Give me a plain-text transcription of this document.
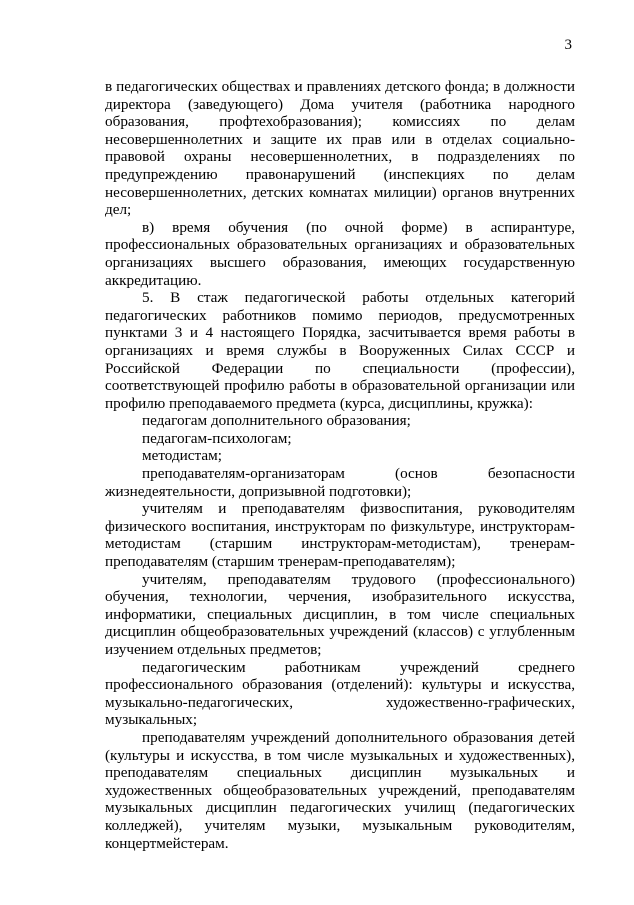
3

в педагогических обществах и правлениях детского фонда; в должности директора (заведующего) Дома учителя (работника народного образования, профтехобразования); комиссиях по делам несовершеннолетних и защите их прав или в отделах социально-правовой охраны несовершеннолетних, в подразделениях по предупреждению правонарушений (инспекциях по делам несовершеннолетних, детских комнатах милиции) органов внутренних дел;

в) время обучения (по очной форме) в аспирантуре, профессиональных образовательных организациях и образовательных организациях высшего образования, имеющих государственную аккредитацию.

5. В стаж педагогической работы отдельных категорий педагогических работников помимо периодов, предусмотренных пунктами 3 и 4 настоящего Порядка, засчитывается время работы в организациях и время службы в Вооруженных Силах СССР и Российской Федерации по специальности (профессии), соответствующей профилю работы в образовательной организации или профилю преподаваемого предмета (курса, дисциплины, кружка):

педагогам дополнительного образования;

педагогам-психологам;

методистам;

преподавателям-организаторам (основ безопасности жизнедеятельности, допризывной подготовки);

учителям и преподавателям физвоспитания, руководителям физического воспитания, инструкторам по физкультуре, инструкторам-методистам (старшим инструкторам-методистам), тренерам-преподавателям (старшим тренерам-преподавателям);

учителям, преподавателям трудового (профессионального) обучения, технологии, черчения, изобразительного искусства, информатики, специальных дисциплин, в том числе специальных дисциплин общеобразовательных учреждений (классов) с углубленным изучением отдельных предметов;

педагогическим работникам учреждений среднего профессионального образования (отделений): культуры и искусства, музыкально-педагогических, художественно-графических, музыкальных;

преподавателям учреждений дополнительного образования детей (культуры и искусства, в том числе музыкальных и художественных), преподавателям специальных дисциплин музыкальных и художественных общеобразовательных учреждений, преподавателям музыкальных дисциплин педагогических училищ (педагогических колледжей), учителям музыки, музыкальным руководителям, концертмейстерам.
